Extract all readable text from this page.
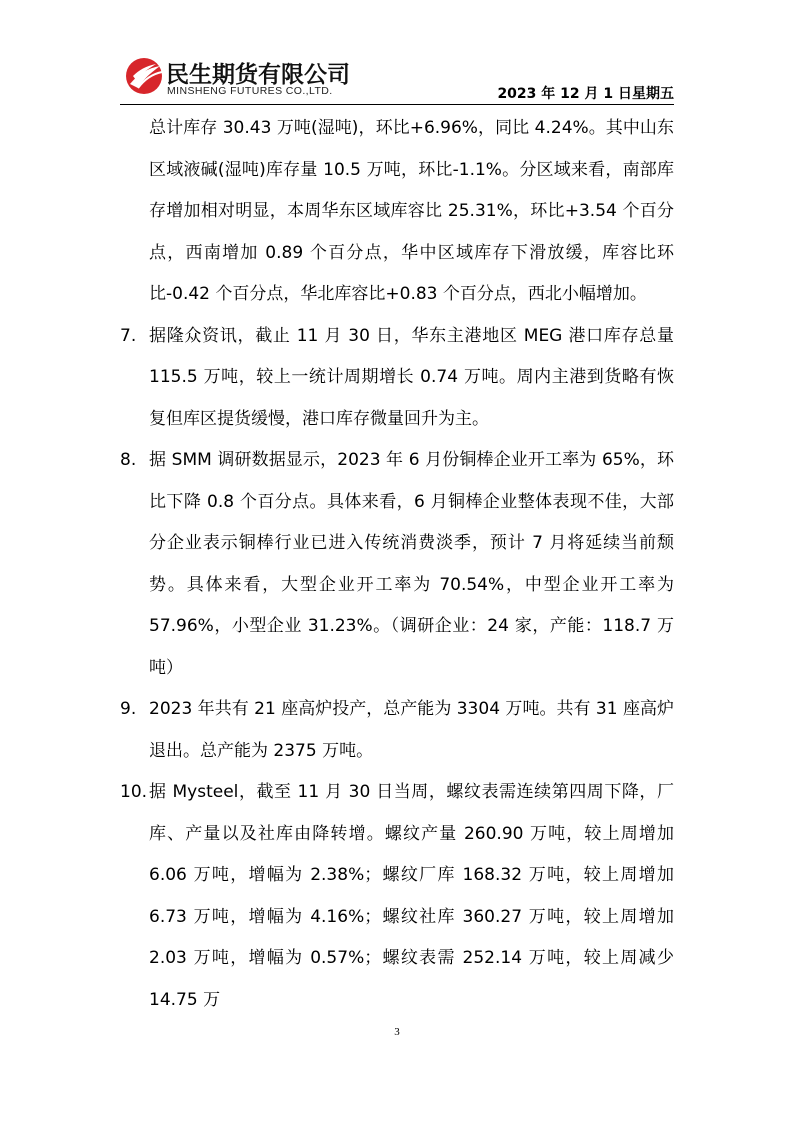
民生期货有限公司
MINSHENG FUTURES CO.,LTD.	2023 年 12 月 1 日星期五

总计库存 30.43 万吨(湿吨)，环比+6.96%，同比 4.24%。其中山东区域液碱(湿吨)库存量 10.5 万吨，环比-1.1%。分区域来看，南部库存增加相对明显，本周华东区域库容比 25.31%，环比+3.54 个百分点，西南增加 0.89 个百分点，华中区域库存下滑放缓，库容比环比-0.42 个百分点，华北库容比+0.83 个百分点，西北小幅增加。

7. 据隆众资讯，截止 11 月 30 日，华东主港地区 MEG 港口库存总量 115.5 万吨，较上一统计周期增长 0.74 万吨。周内主港到货略有恢复但库区提货缓慢，港口库存微量回升为主。

8. 据 SMM 调研数据显示，2023 年 6 月份铜棒企业开工率为 65%，环比下降 0.8 个百分点。具体来看，6 月铜棒企业整体表现不佳，大部分企业表示铜棒行业已进入传统消费淡季，预计 7 月将延续当前颓势。具体来看，大型企业开工率为 70.54%，中型企业开工率为 57.96%，小型企业 31.23%。（调研企业：24 家，产能：118.7 万吨）

9. 2023 年共有 21 座高炉投产，总产能为 3304 万吨。共有 31 座高炉退出。总产能为 2375 万吨。

10. 据 Mysteel，截至 11 月 30 日当周，螺纹表需连续第四周下降，厂库、产量以及社库由降转增。螺纹产量 260.90 万吨，较上周增加 6.06 万吨，增幅为 2.38%；螺纹厂库 168.32 万吨，较上周增加 6.73 万吨，增幅为 4.16%；螺纹社库 360.27 万吨，较上周增加 2.03 万吨，增幅为 0.57%；螺纹表需 252.14 万吨，较上周减少 14.75 万

3
